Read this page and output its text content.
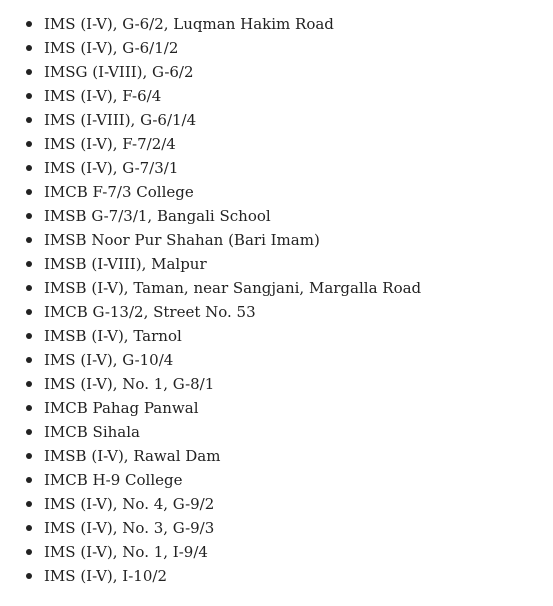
IMS (I-V), G-6/2, Luqman Hakim Road
IMS (I-V), G-6/1/2
IMSG (I-VIII), G-6/2
IMS (I-V), F-6/4
IMS (I-VIII), G-6/1/4
IMS (I-V), F-7/2/4
IMS (I-V), G-7/3/1
IMCB F-7/3 College
IMSB G-7/3/1, Bangali School
IMSB Noor Pur Shahan (Bari Imam)
IMSB (I-VIII), Malpur
IMSB (I-V), Taman, near Sangjani, Margalla Road
IMCB G-13/2, Street No. 53
IMSB (I-V), Tarnol
IMS (I-V), G-10/4
IMS (I-V), No. 1, G-8/1
IMCB Pahag Panwal
IMCB Sihala
IMSB (I-V), Rawal Dam
IMCB H-9 College
IMS (I-V), No. 4, G-9/2
IMS (I-V), No. 3, G-9/3
IMS (I-V), No. 1, I-9/4
IMS (I-V), I-10/2
